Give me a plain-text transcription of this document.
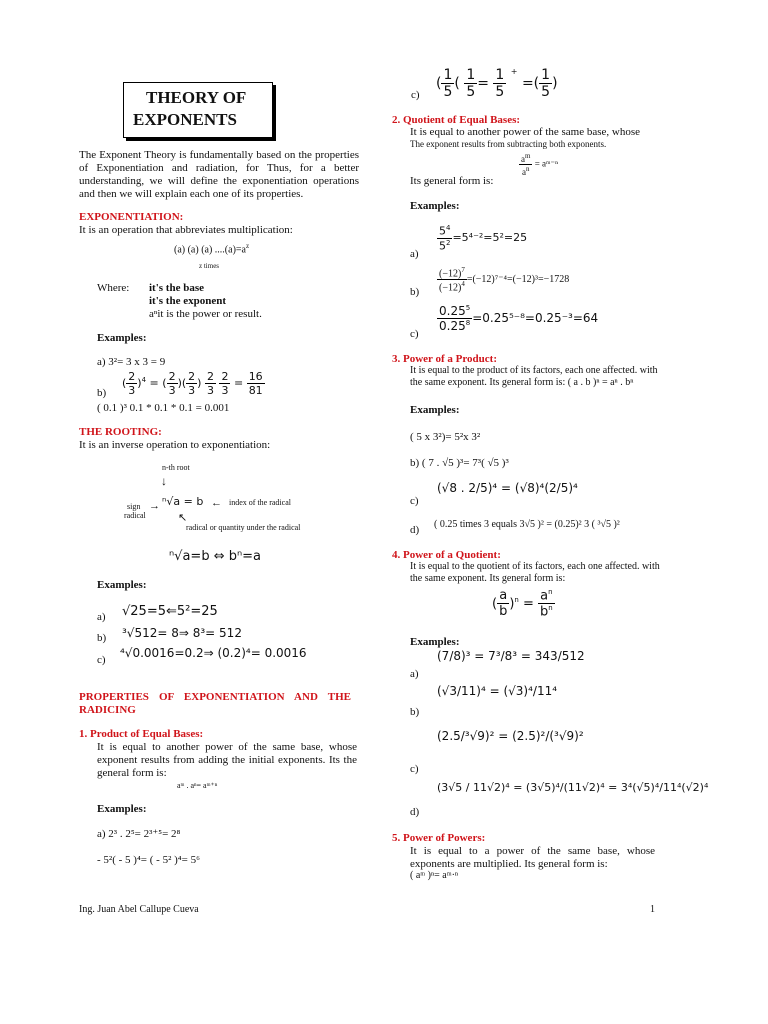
THEORY OF
EXPONENTS
The Exponent Theory is fundamentally based on the properties of Exponentiation and radiation, for Thus, for a better understanding, we will define the exponentiation operations and then we will explain each one of its properties.
EXPONENTIATION:
It is an operation that abbreviates multiplication:
(a) (a) (a) $....(a)=a^z$
z times
Where: it's the base
it's the exponent
aⁿit is the power or result.
Examples:
a) 3²= 3 x 3 = 9
b)
( $\frac{2}{3} )^4$ = ( $\frac{2}{3}$ )( $\frac{2}{3}$ ) $\frac{2}{3}$
$\frac{2}{3} = \frac{16}{81}$
( 0.1 )³ 0.1 * 0.1 * 0.1 = 0.001
THE ROOTING:
It is an inverse operation to exponentiation:
n-th root
↓
sign
radical
→ ⁿ√a = b ← index of the radical
↖
radical or quantity under the radical
ⁿ√a=b ⇔ bⁿ=a
Examples:
a) √25=5⇐5²=25
b) ³√512= 8⇒ 8³= 512
c) ⁴√0.0016=0.2⇒ (0.2)⁴= 0.0016
PROPERTIES OF EXPONENTIATION AND THE RADICING
1. Product of Equal Bases:
It is equal to another power of the same base, whose exponent results from adding the initial exponents. Its the general form is:
aᵐ . aⁿ= aᵐ⁺ⁿ
Examples:
a) 2³ . 2⁵= 2³⁺⁵= 2⁸
- 5²( - 5 )⁴= ( - 5² )⁴= 5⁶
c)
( $\frac{1}{5}$ ( $\frac{1}{5} = \frac{1}{5} ^+$ =( $\frac{1}{5}$ )
2. Quotient of Equal Bases:
It is equal to another power of the same base, whose
The exponent results from subtracting both exponents.
Its general form is:
$\frac{a^m}{a^n}$ = aᵐ⁻ⁿ
Examples:
a)
$\frac{5^4}{5^2} =5^{4-2}=5^2=25$
$b) \frac{(-12)^7}{(-12)^4} =(-12)^{7-4}=(-12)^3=-1728$
c)
$\frac{0.25^5}{0.25^8} =0.25^{5-8}=0.25^{-3}=64$
3. Power of a Product:
It is equal to the product of its factors, each one affected. with the same exponent. Its general form is: ( a . b )ⁿ = aⁿ . bⁿ
Examples:
( 5 x 3²)= 5²x 3²
b) ( 7 . √5 )³= 7³( √5 )³
c)
(√8 . 2/5)⁴ = (√8)⁴(2/5)⁴
d) ( 0.25 times 3 equals 3√5 )² = (0.25)² 3 ( ³√5 )²
4. Power of a Quotient:
It is equal to the quotient of its factors, each one affected. with the same exponent. Its general form is:
( $\frac{a}{b} )^n = \frac{a^n}{b^n}$
Examples:
a)
(7/8)³ = 7³/8³ = 343/512
b)
(√3/11)⁴ = (√3)⁴/11⁴
c)
(2.5/³√9)² = (2.5)²/(³√9)²
d)
(3√5 / 11√2)⁴ = (3√5)⁴/(11√2)⁴ = 3⁴(√5)⁴/11⁴(√2)⁴
5. Power of Powers:
It is equal to a power of the same base, whose exponents are multiplied. Its general form is:
( aᵐ )ⁿ= aᵐ·ⁿ
Ing. Juan Abel Callupe Cueva	1
